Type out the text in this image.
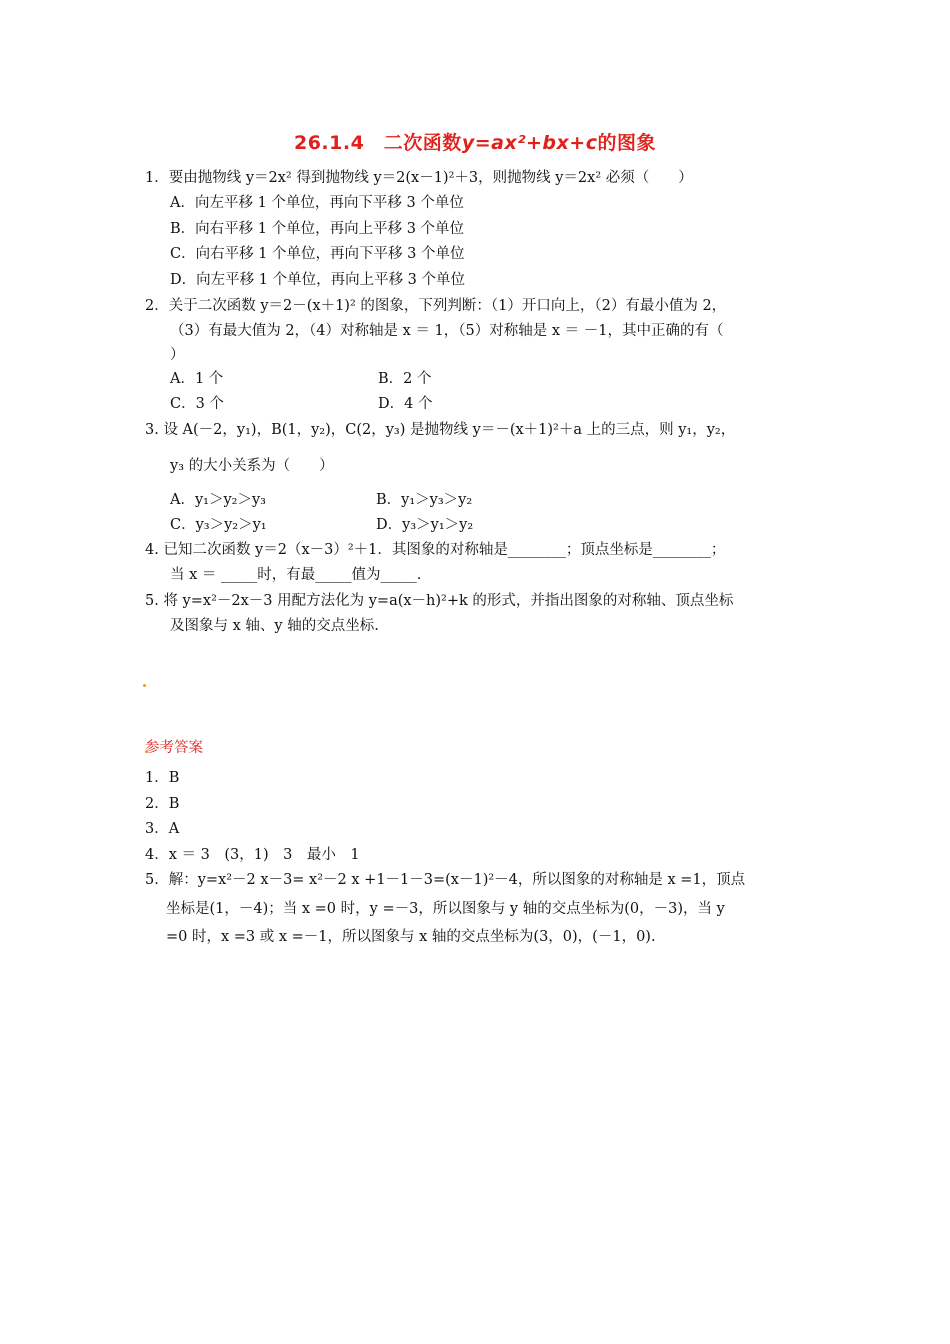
26.1.4　二次函数y=ax²+bx+c的图象
1．要由抛物线 y＝2x² 得到抛物线 y＝2(x－1)²＋3，则抛物线 y＝2x² 必须（　　）
A．向左平移 1 个单位，再向下平移 3 个单位
B．向右平移 1 个单位，再向上平移 3 个单位
C．向右平移 1 个单位，再向下平移 3 个单位
D．向左平移 1 个单位，再向上平移 3 个单位
2．关于二次函数 y＝2－(x＋1)² 的图象，下列判断：（1）开口向上，（2）有最小值为 2，
（3）有最大值为 2，（4）对称轴是 x ＝ 1，（5）对称轴是 x ＝ －1，其中正确的有（
）
A．1 个	B．2 个
C．3 个	D．4 个
3. 设 A(－2，y₁)，B(1，y₂)，C(2，y₃) 是抛物线 y＝－(x＋1)²＋a 上的三点，则 y₁，y₂，
y₃ 的大小关系为（　　）
A．y₁＞y₂＞y₃	B．y₁＞y₃＞y₂
C．y₃＞y₂＞y₁	D．y₃＞y₁＞y₂
4. 已知二次函数 y＝2（x－3）²＋1．其图象的对称轴是________；顶点坐标是________；
当 x ＝ _____时，有最_____值为_____.
5. 将 y=x²－2x－3 用配方法化为 y=a(x－h)²+k 的形式，并指出图象的对称轴、顶点坐标
及图象与 x 轴、y 轴的交点坐标.
参考答案
1．B
2．B
3．A
4．x ＝ 3　(3，1)　3　最小　1
5．解：y=x²－2 x－3= x²－2 x +1－1－3=(x－1)²－4，所以图象的对称轴是 x =1，顶点
坐标是(1，－4)；当 x =0 时，y =－3，所以图象与 y 轴的交点坐标为(0，－3)，当 y
=0 时，x =3 或 x =－1，所以图象与 x 轴的交点坐标为(3，0)，(－1，0).
